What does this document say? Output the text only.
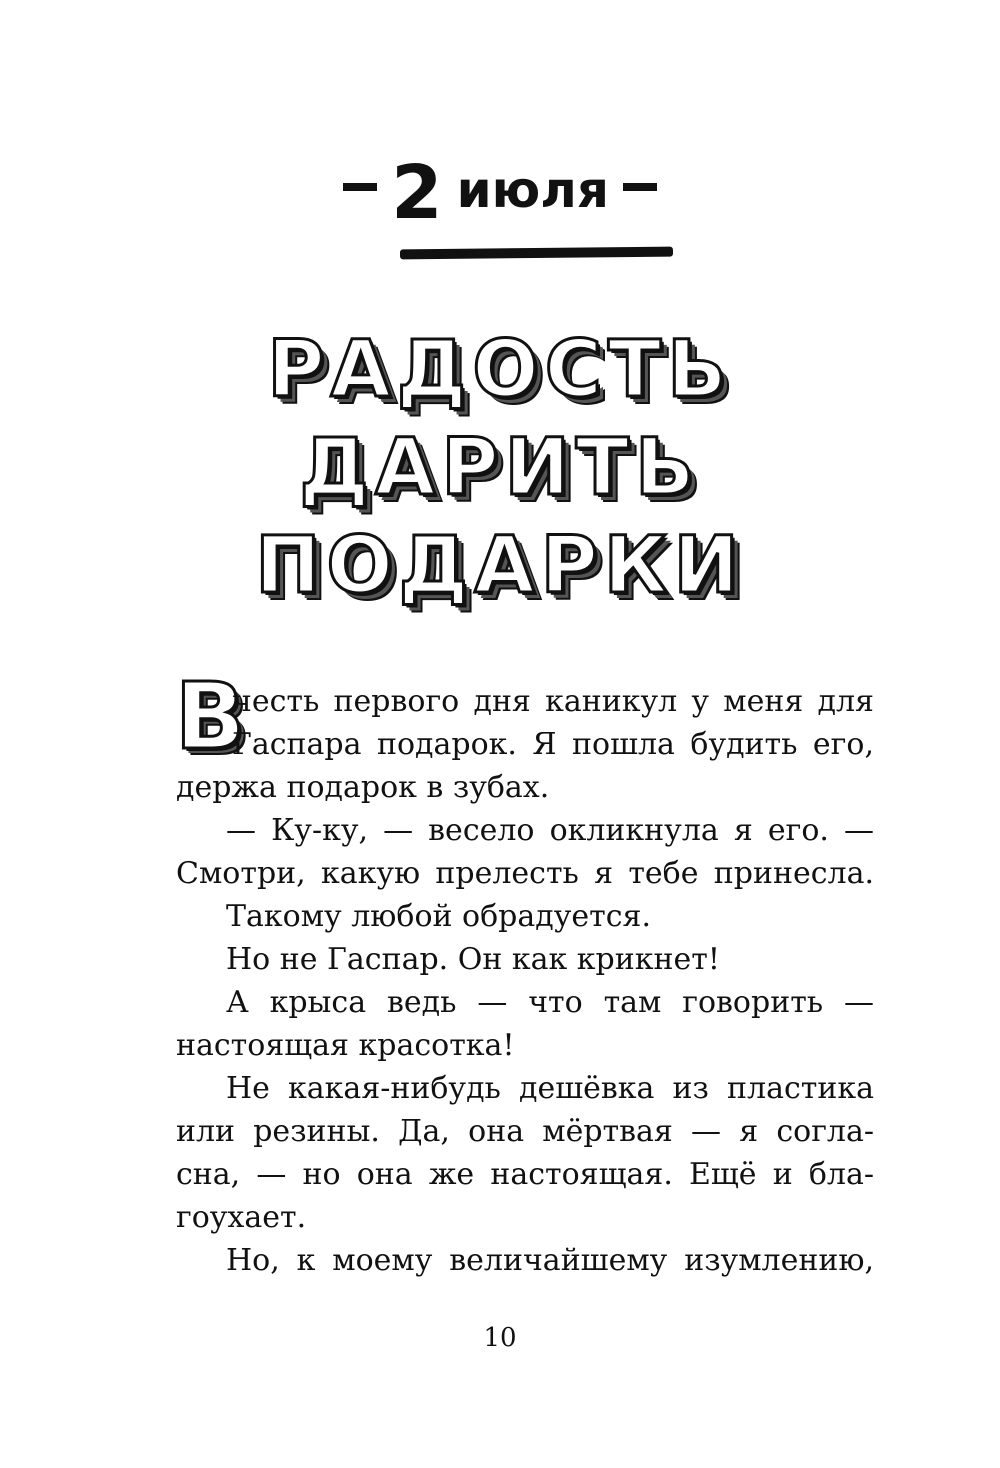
2 июля
РАДОСТЬ
ДАРИТЬ
ПОДАРКИ
В

честь первого дня каникул у меня для

Гаспара подарок. Я пошла будить его,

держа подарок в зубах.

— Ку-ку, — весело окликнула я его. —

Смотри, какую прелесть я тебе принесла.

Такому любой обрадуется.

Но не Гаспар. Он как крикнет!

А крыса ведь — что там говорить —

настоящая красотка!

Не какая-нибудь дешёвка из пластика

или резины. Да, она мёртвая — я согла-

сна, — но она же настоящая. Ещё и бла-

гоухает.

Но, к моему величайшему изумлению,

10
